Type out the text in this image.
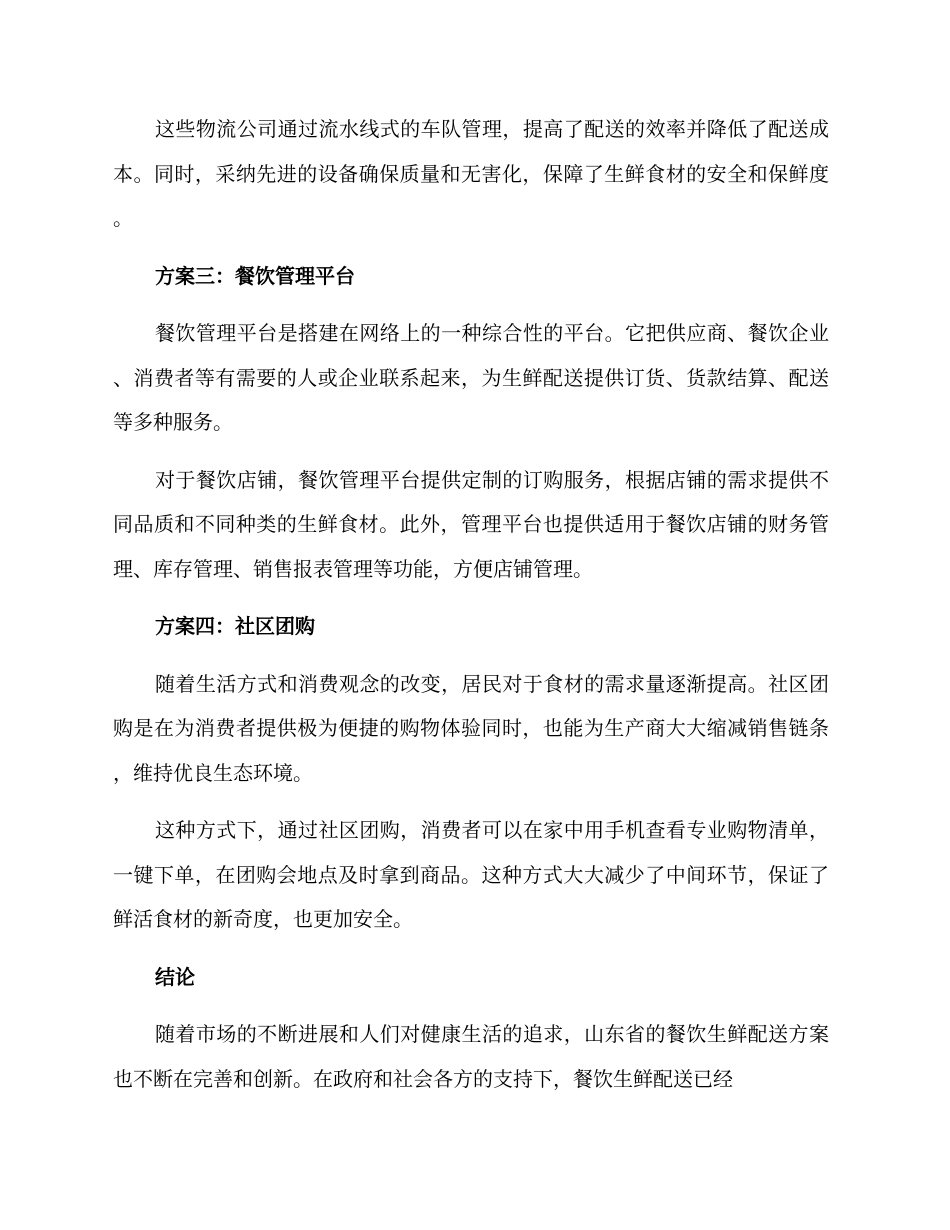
这些物流公司通过流水线式的车队管理，提高了配送的效率并降低了配送成本。同时，采纳先进的设备确保质量和无害化，保障了生鲜食材的安全和保鲜度。

方案三：餐饮管理平台

餐饮管理平台是搭建在网络上的一种综合性的平台。它把供应商、餐饮企业、消费者等有需要的人或企业联系起来，为生鲜配送提供订货、货款结算、配送等多种服务。

对于餐饮店铺，餐饮管理平台提供定制的订购服务，根据店铺的需求提供不同品质和不同种类的生鲜食材。此外，管理平台也提供适用于餐饮店铺的财务管理、库存管理、销售报表管理等功能，方便店铺管理。

方案四：社区团购

随着生活方式和消费观念的改变，居民对于食材的需求量逐渐提高。社区团购是在为消费者提供极为便捷的购物体验同时，也能为生产商大大缩减销售链条，维持优良生态环境。

这种方式下，通过社区团购，消费者可以在家中用手机查看专业购物清单，一键下单，在团购会地点及时拿到商品。这种方式大大减少了中间环节，保证了鲜活食材的新奇度，也更加安全。

结论

随着市场的不断进展和人们对健康生活的追求，山东省的餐饮生鲜配送方案也不断在完善和创新。在政府和社会各方的支持下，餐饮生鲜配送已经
